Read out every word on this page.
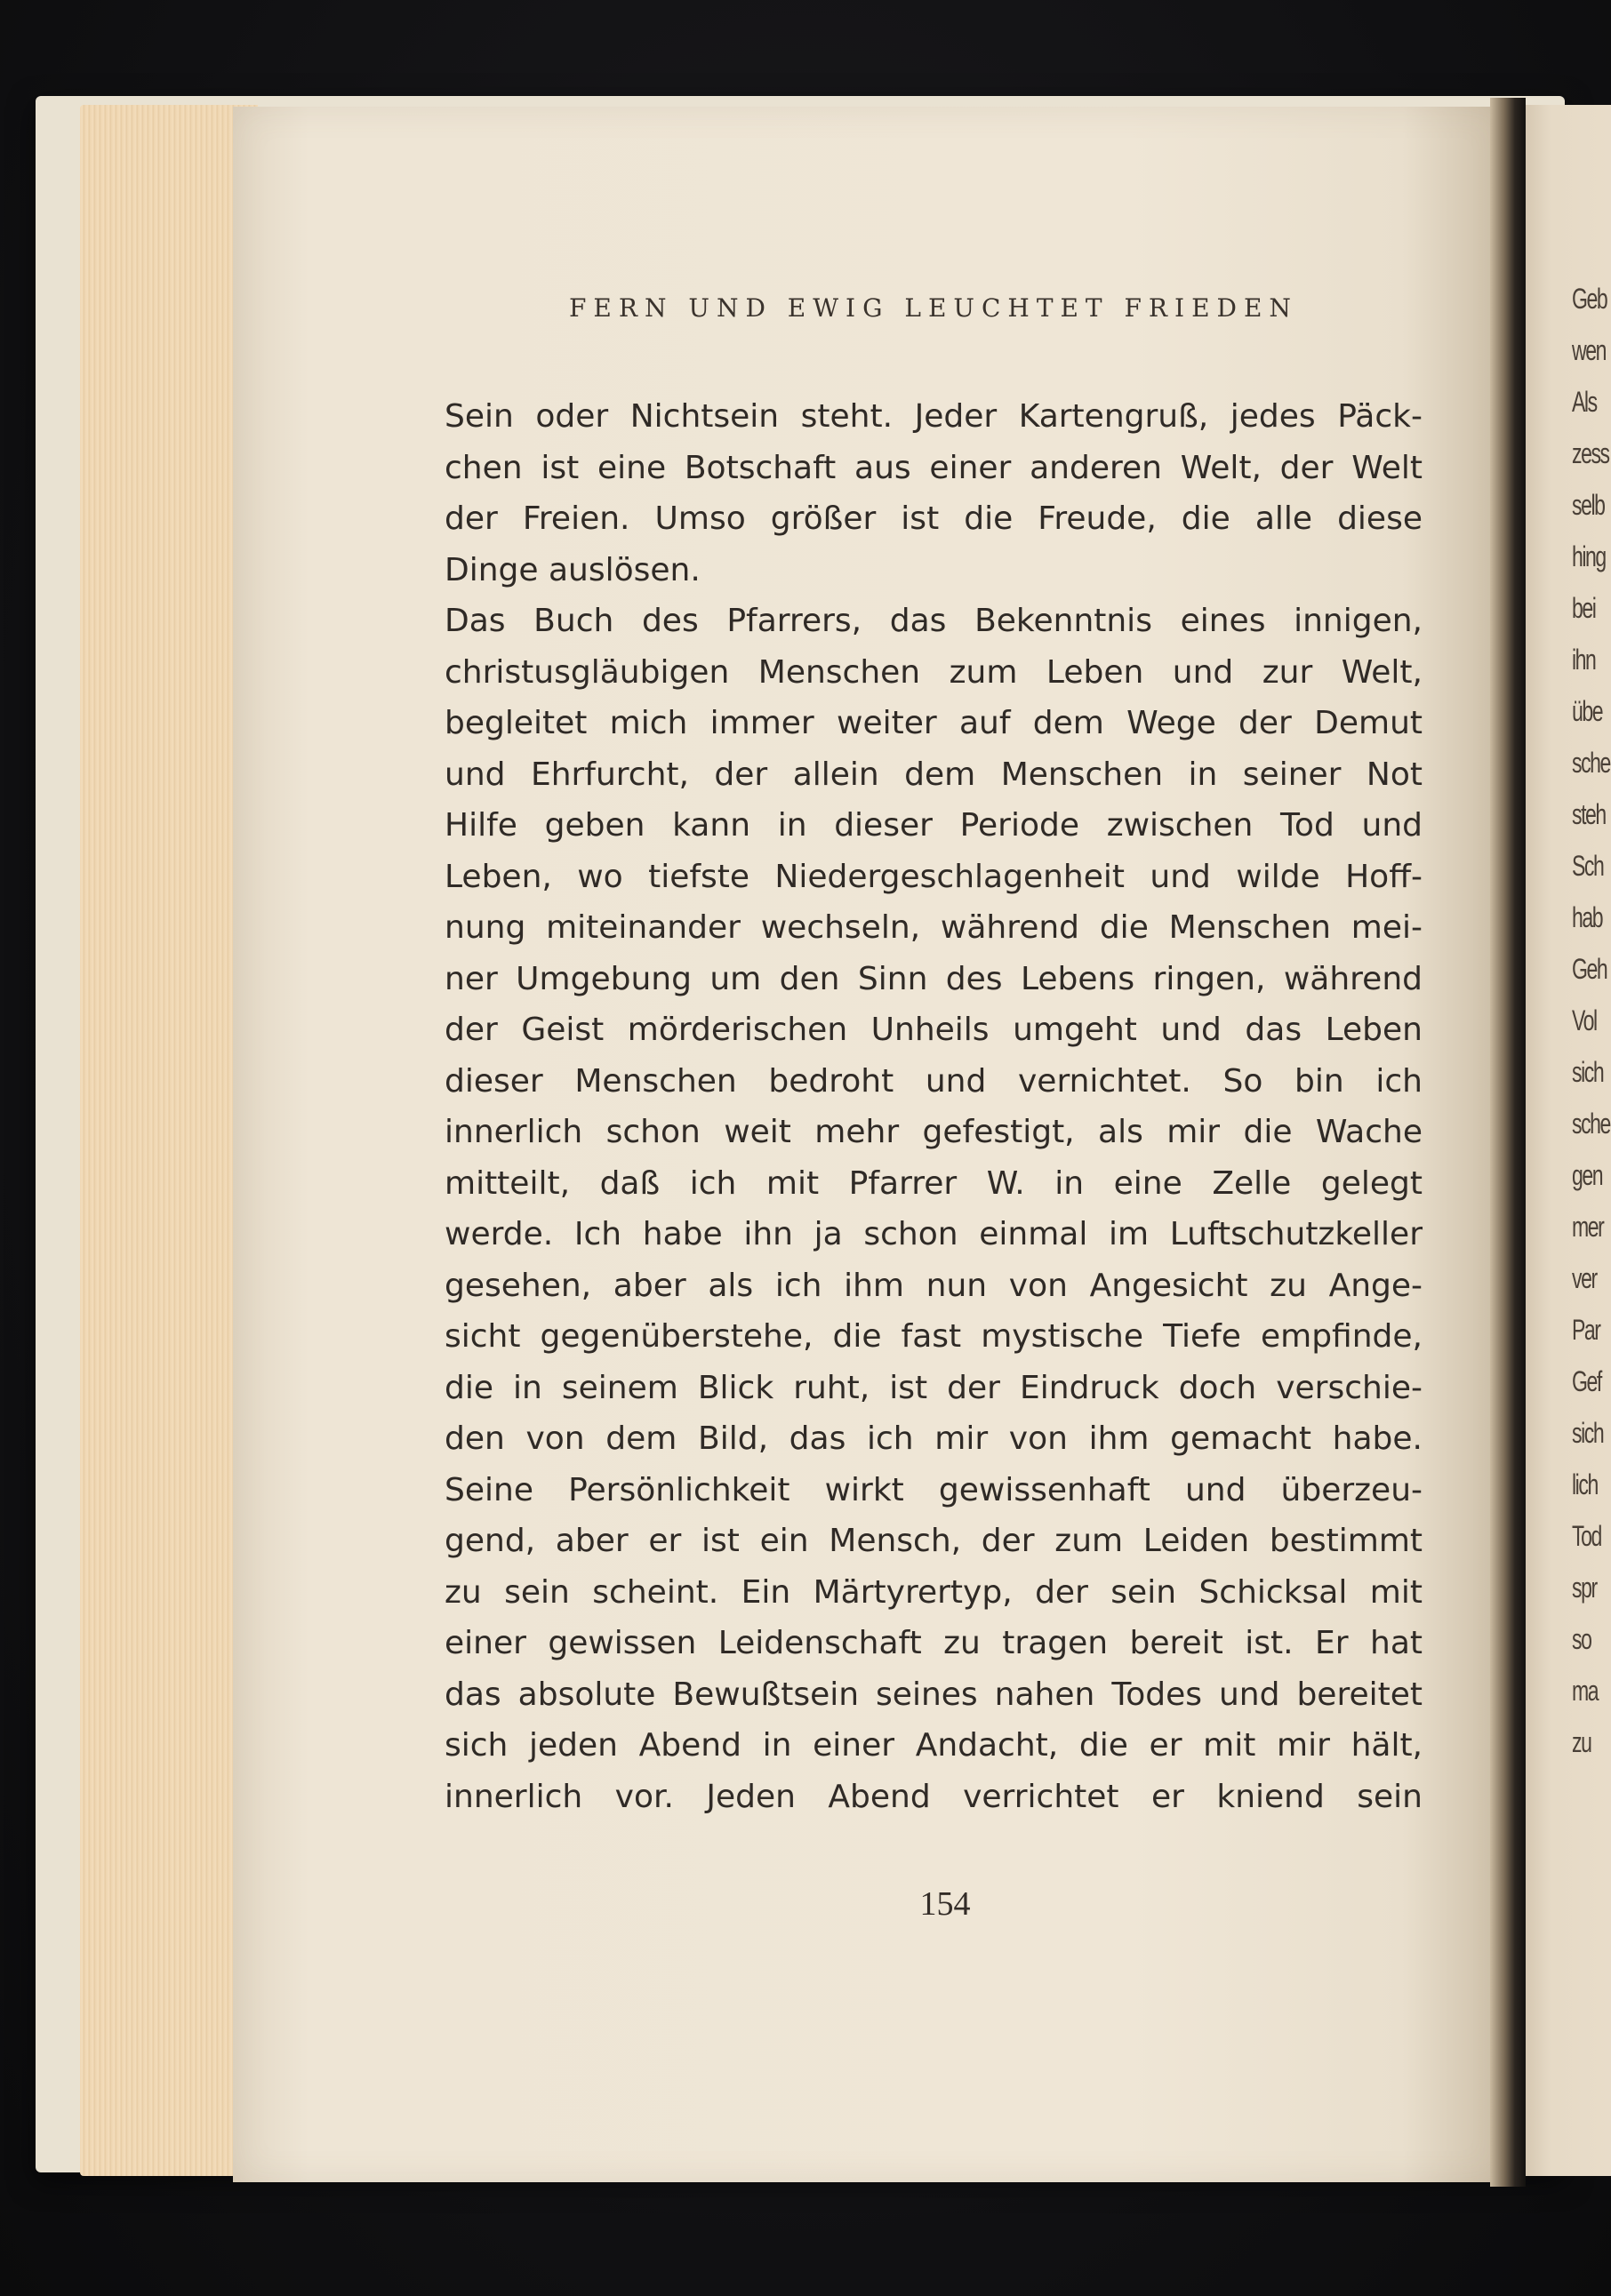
Geb
wen
Als
zess
selb
hing
bei
ihn
übe
sche
steh
Sch
hab
Geh
Vol
sich
sche
gen
mer
ver
Par
Gef
sich
lich
Tod
spr
so
ma
zu
FERN UND EWIG LEUCHTET FRIEDEN
Sein oder Nichtsein steht. Jeder Kartengruß, jedes Päck-
chen ist eine Botschaft aus einer anderen Welt, der Welt
der Freien. Umso größer ist die Freude, die alle diese
Dinge auslösen.
Das Buch des Pfarrers, das Bekenntnis eines innigen,
christusgläubigen Menschen zum Leben und zur Welt,
begleitet mich immer weiter auf dem Wege der Demut
und Ehrfurcht, der allein dem Menschen in seiner Not
Hilfe geben kann in dieser Periode zwischen Tod und
Leben, wo tiefste Niedergeschlagenheit und wilde Hoff-
nung miteinander wechseln, während die Menschen mei-
ner Umgebung um den Sinn des Lebens ringen, während
der Geist mörderischen Unheils umgeht und das Leben
dieser Menschen bedroht und vernichtet. So bin ich
innerlich schon weit mehr gefestigt, als mir die Wache
mitteilt, daß ich mit Pfarrer W. in eine Zelle gelegt
werde. Ich habe ihn ja schon einmal im Luftschutzkeller
gesehen, aber als ich ihm nun von Angesicht zu Ange-
sicht gegenüberstehe, die fast mystische Tiefe empfinde,
die in seinem Blick ruht, ist der Eindruck doch verschie-
den von dem Bild, das ich mir von ihm gemacht habe.
Seine Persönlichkeit wirkt gewissenhaft und überzeu-
gend, aber er ist ein Mensch, der zum Leiden bestimmt
zu sein scheint. Ein Märtyrertyp, der sein Schicksal mit
einer gewissen Leidenschaft zu tragen bereit ist. Er hat
das absolute Bewußtsein seines nahen Todes und bereitet
sich jeden Abend in einer Andacht, die er mit mir hält,
innerlich vor. Jeden Abend verrichtet er kniend sein
154
